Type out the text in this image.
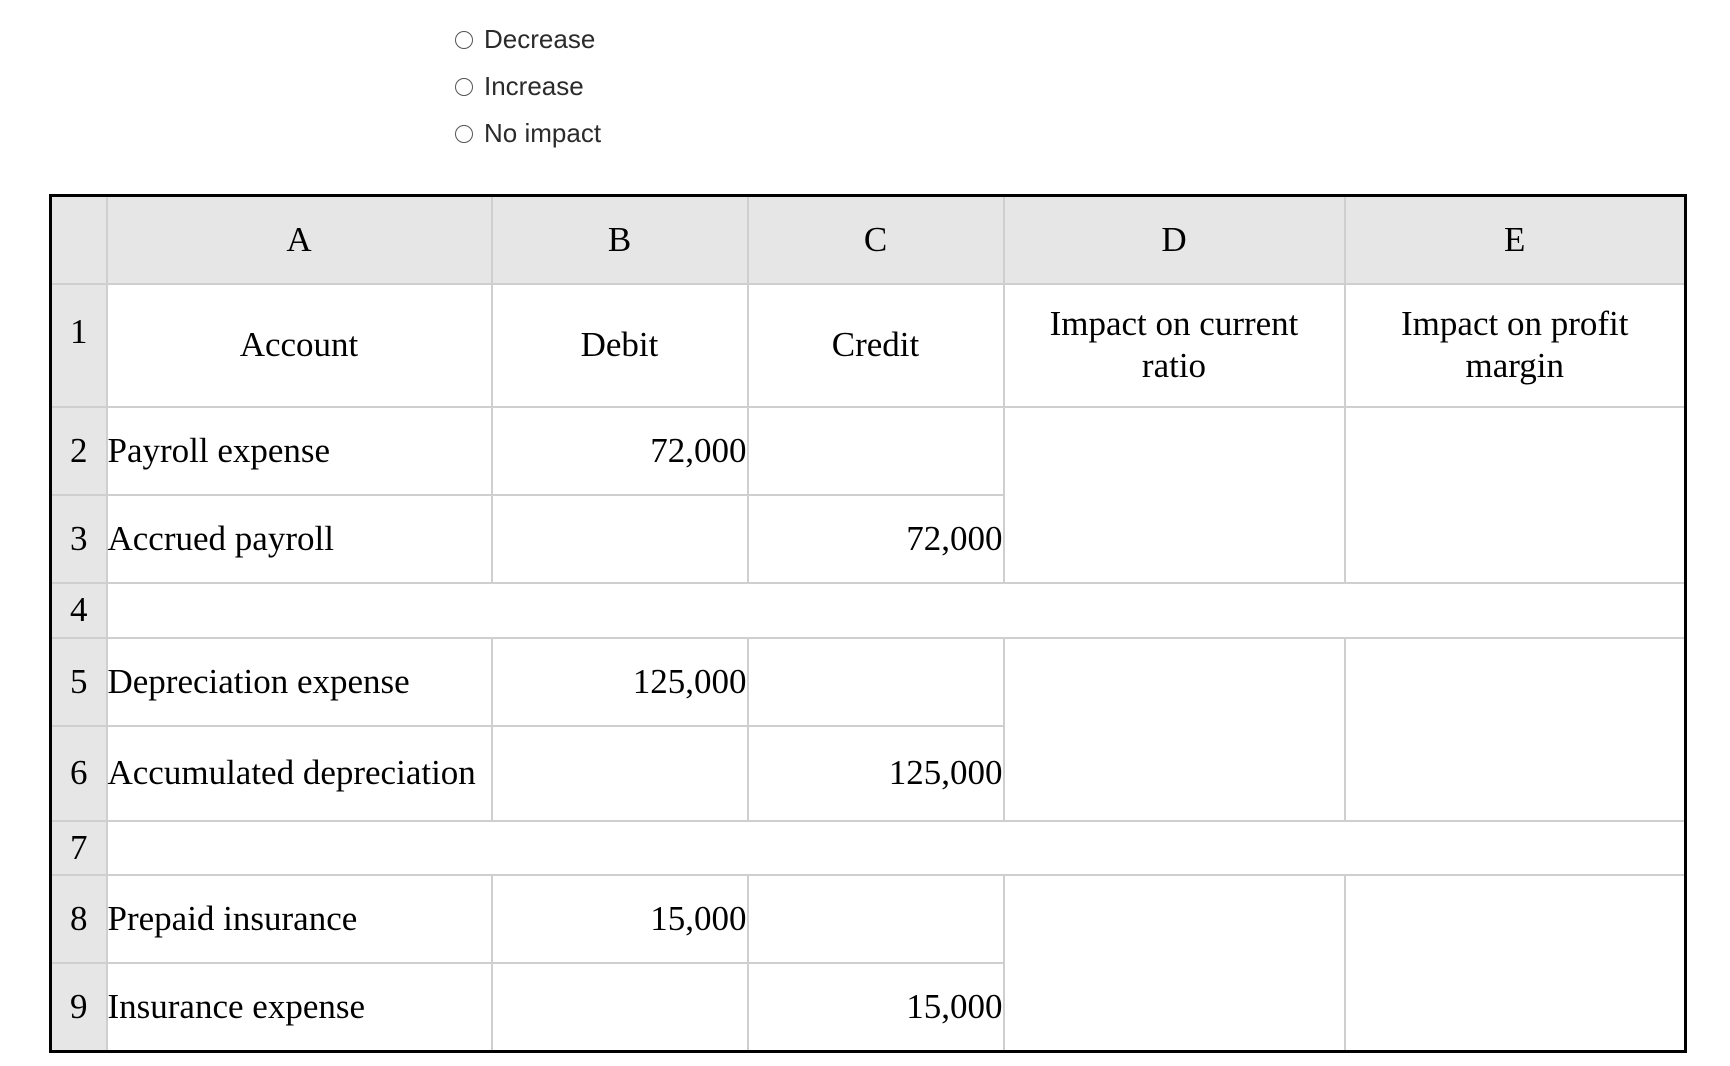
Decrease
Increase
No impact
	A	B	C	D	E
1	Account	Debit	Credit	Impact on current ratio	Impact on profit margin
2	Payroll expense	72,000			
3	Accrued payroll		72,000		
4					
5	Depreciation expense	125,000			
6	Accumulated depreciation		125,000		
7					
8	Prepaid insurance	15,000			
9	Insurance expense		15,000		
